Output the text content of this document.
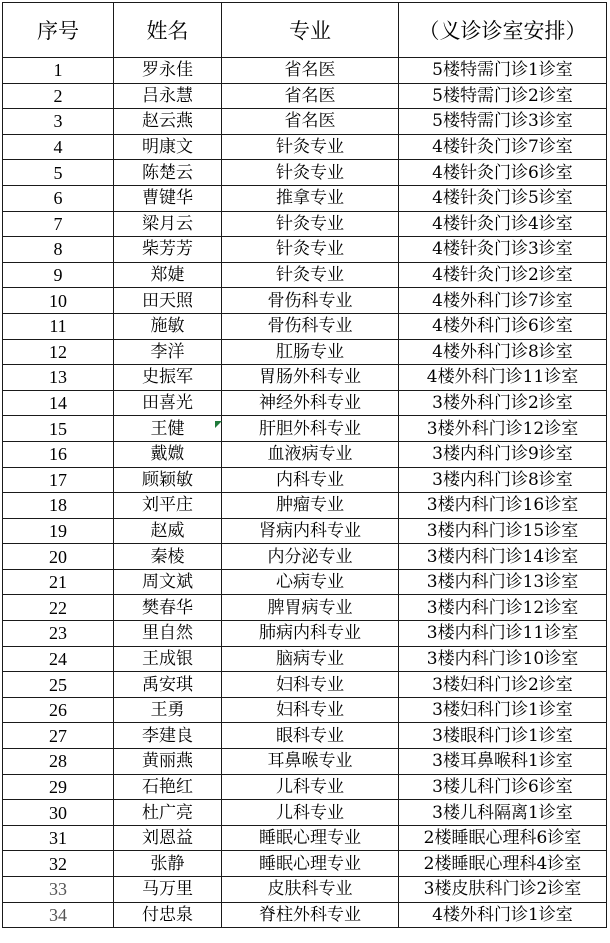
序号	姓名	专业	（义诊诊室安排）
1	罗永佳	省名医	5楼特需门诊1诊室
2	吕永慧	省名医	5楼特需门诊2诊室
3	赵云燕	省名医	5楼特需门诊3诊室
4	明康文	针灸专业	4楼针灸门诊7诊室
5	陈楚云	针灸专业	4楼针灸门诊6诊室
6	曹键华	推拿专业	4楼针灸门诊5诊室
7	梁月云	针灸专业	4楼针灸门诊4诊室
8	柴芳芳	针灸专业	4楼针灸门诊3诊室
9	郑婕	针灸专业	4楼针灸门诊2诊室
10	田天照	骨伤科专业	4楼外科门诊7诊室
11	施敏	骨伤科专业	4楼外科门诊6诊室
12	李洋	肛肠专业	4楼外科门诊8诊室
13	史振军	胃肠外科专业	4楼外科门诊11诊室
14	田喜光	神经外科专业	3楼外科门诊2诊室
15	王健	肝胆外科专业	3楼外科门诊12诊室
16	戴媺	血液病专业	3楼内科门诊9诊室
17	顾颖敏	内科专业	3楼内科门诊8诊室
18	刘平庄	肿瘤专业	3楼内科门诊16诊室
19	赵威	肾病内科专业	3楼内科门诊15诊室
20	秦棱	内分泌专业	3楼内科门诊14诊室
21	周文斌	心病专业	3楼内科门诊13诊室
22	樊春华	脾胃病专业	3楼内科门诊12诊室
23	里自然	肺病内科专业	3楼内科门诊11诊室
24	王成银	脑病专业	3楼内科门诊10诊室
25	禹安琪	妇科专业	3楼妇科门诊2诊室
26	王勇	妇科专业	3楼妇科门诊1诊室
27	李建良	眼科专业	3楼眼科门诊1诊室
28	黄丽燕	耳鼻喉专业	3楼耳鼻喉科1诊室
29	石艳红	儿科专业	3楼儿科门诊6诊室
30	杜广亮	儿科专业	3楼儿科隔离1诊室
31	刘恩益	睡眠心理专业	2楼睡眠心理科6诊室
32	张静	睡眠心理专业	2楼睡眠心理科4诊室
33	马万里	皮肤科专业	3楼皮肤科门诊2诊室
34	付忠泉	脊柱外科专业	4楼外科门诊1诊室
